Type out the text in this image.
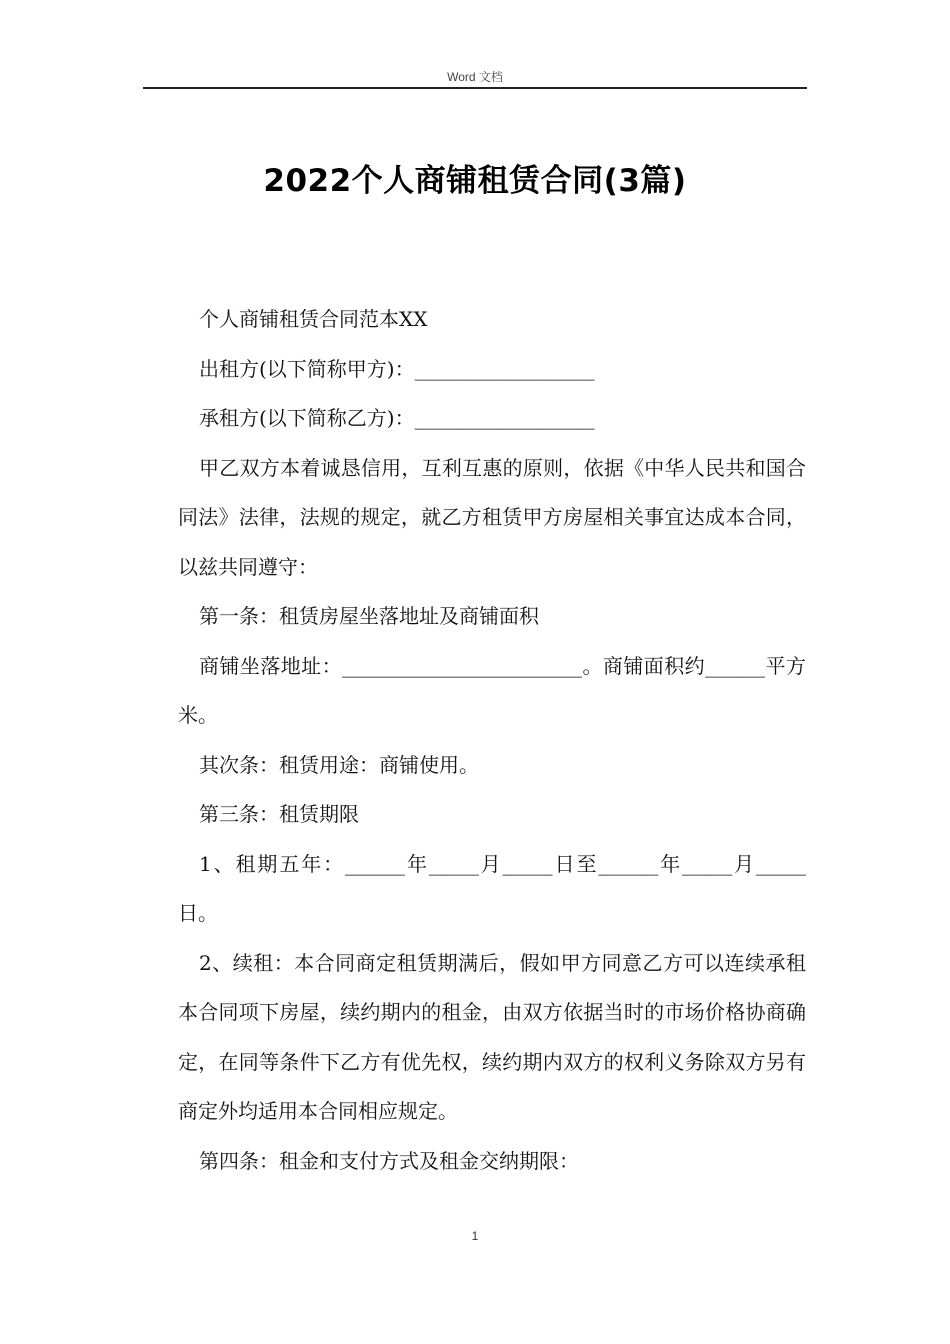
Word 文档
2022个人商铺租赁合同(3篇)

个人商铺租赁合同范本XX

出租方(以下简称甲方)：__________________

承租方(以下简称乙方)：__________________

甲乙双方本着诚恳信用，互利互惠的原则，依据《中华人民共和国合同法》法律，法规的规定，就乙方租赁甲方房屋相关事宜达成本合同，以兹共同遵守：

第一条：租赁房屋坐落地址及商铺面积

商铺坐落地址：________________________。商铺面积约______平方米。

其次条：租赁用途：商铺使用。

第三条：租赁期限

1、租期五年：______年_____月_____日至______年_____月_____日。

2、续租：本合同商定租赁期满后，假如甲方同意乙方可以连续承租本合同项下房屋，续约期内的租金，由双方依据当时的市场价格协商确定，在同等条件下乙方有优先权，续约期内双方的权利义务除双方另有商定外均适用本合同相应规定。

第四条：租金和支付方式及租金交纳期限：

1
